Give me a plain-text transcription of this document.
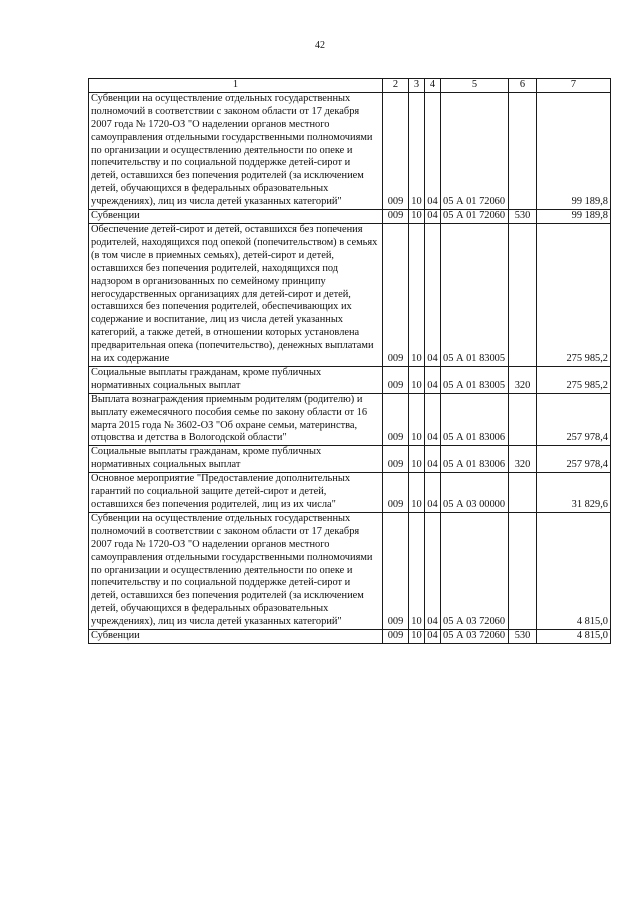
42
1	2	3	4	5	6	7
Субвенции на осуществление отдельных государственных полномочий в соответствии с законом области от 17 декабря 2007 года № 1720-ОЗ "О наделении органов местного самоуправления отдельными государственными полномочиями по организации и осуществлению деятельности по опеке и попечительству и по социальной поддержке детей-сирот и детей, оставшихся без попечения родителей (за исключением детей, обучающихся в федеральных образовательных учреждениях), лиц из числа детей указанных категорий"	009	10	04	05 А 01 72060		99 189,8
Субвенции	009	10	04	05 А 01 72060	530	99 189,8
Обеспечение детей-сирот и детей, оставшихся без попечения родителей, находящихся под опекой (попечительством) в семьях (в том числе в приемных семьях), детей-сирот и детей, оставшихся без попечения родителей, находящихся под надзором в организованных по семейному принципу негосударственных организациях для детей-сирот и детей, оставшихся без попечения родителей, обеспечивающих их содержание и воспитание, лиц из числа детей указанных категорий, а также детей, в отношении которых установлена предварительная опека (попечительство), денежных выплатами на их содержание	009	10	04	05 А 01 83005		275 985,2
Социальные выплаты гражданам, кроме публичных нормативных социальных выплат	009	10	04	05 А 01 83005	320	275 985,2
Выплата вознаграждения приемным родителям (родителю) и выплату ежемесячного пособия семье по закону области от 16 марта 2015 года № 3602-ОЗ "Об охране семьи, материнства, отцовства и детства в Вологодской области"	009	10	04	05 А 01 83006		257 978,4
Социальные выплаты гражданам, кроме публичных нормативных социальных выплат	009	10	04	05 А 01 83006	320	257 978,4
Основное мероприятие "Предоставление дополнительных гарантий по социальной защите детей-сирот и детей, оставшихся без попечения родителей, лиц из их числа"	009	10	04	05 А 03 00000		31 829,6
Субвенции на осуществление отдельных государственных полномочий в соответствии с законом области от 17 декабря 2007 года № 1720-ОЗ "О наделении органов местного самоуправления отдельными государственными полномочиями по организации и осуществлению деятельности по опеке и попечительству и по социальной поддержке детей-сирот и детей, оставшихся без попечения родителей (за исключением детей, обучающихся в федеральных образовательных учреждениях), лиц из числа детей указанных категорий"	009	10	04	05 А 03 72060		4 815,0
Субвенции	009	10	04	05 А 03 72060	530	4 815,0
